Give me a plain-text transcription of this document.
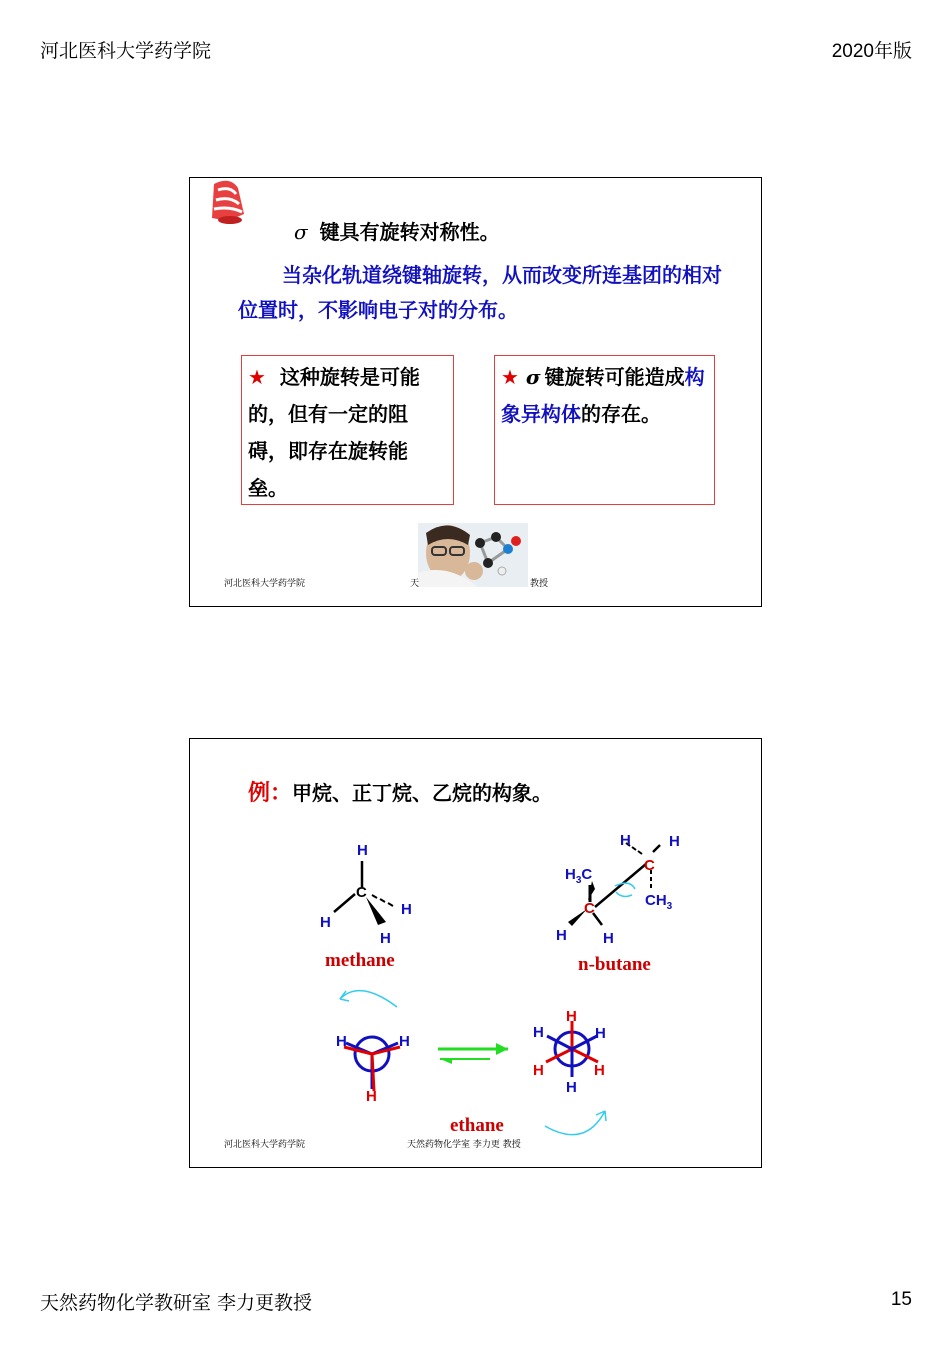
河北医科大学药学院	2020年版
σ 键具有旋转对称性。
当杂化轨道绕键轴旋转，从而改变所连基团的相对位置时，不影响电子对的分布。
★ 这种旋转是可能的，但有一定的阻碍，即存在旋转能垒。
★ σ 键旋转可能造成构象异构体的存在。
河北医科大学药学院	天	教授
例：甲烷、正丁烷、乙烷的构象。
C
H
H
H
H
methane
C
C
$H_3C$
$CH_3$
H H
H	H
n-butane
H	H
H
H
H	H
H	H
H
ethane
河北医科大学药学院	天然药物化学室 李力更 教授
天然药物化学教研室 李力更教授	15
